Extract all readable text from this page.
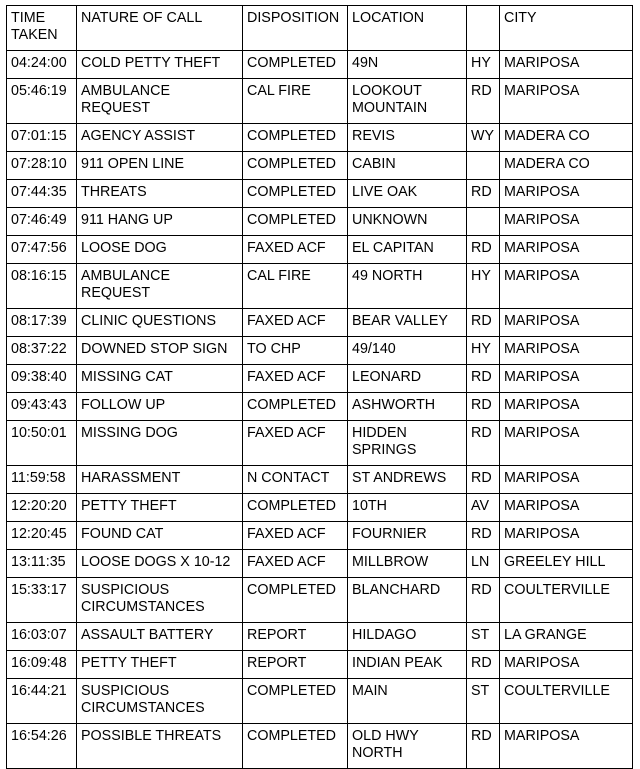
TIME TAKEN	NATURE OF CALL	DISPOSITION	LOCATION		CITY
04:24:00	COLD PETTY THEFT	COMPLETED	49N	HY	MARIPOSA
05:46:19	AMBULANCE REQUEST	CAL FIRE	LOOKOUT MOUNTAIN	RD	MARIPOSA
07:01:15	AGENCY ASSIST	COMPLETED	REVIS	WY	MADERA CO
07:28:10	911 OPEN LINE	COMPLETED	CABIN		MADERA CO
07:44:35	THREATS	COMPLETED	LIVE OAK	RD	MARIPOSA
07:46:49	911 HANG UP	COMPLETED	UNKNOWN		MARIPOSA
07:47:56	LOOSE DOG	FAXED ACF	EL CAPITAN	RD	MARIPOSA
08:16:15	AMBULANCE REQUEST	CAL FIRE	49 NORTH	HY	MARIPOSA
08:17:39	CLINIC QUESTIONS	FAXED ACF	BEAR VALLEY	RD	MARIPOSA
08:37:22	DOWNED STOP SIGN	TO CHP	49/140	HY	MARIPOSA
09:38:40	MISSING CAT	FAXED ACF	LEONARD	RD	MARIPOSA
09:43:43	FOLLOW UP	COMPLETED	ASHWORTH	RD	MARIPOSA
10:50:01	MISSING DOG	FAXED ACF	HIDDEN SPRINGS	RD	MARIPOSA
11:59:58	HARASSMENT	N CONTACT	ST ANDREWS	RD	MARIPOSA
12:20:20	PETTY THEFT	COMPLETED	10TH	AV	MARIPOSA
12:20:45	FOUND CAT	FAXED ACF	FOURNIER	RD	MARIPOSA
13:11:35	LOOSE DOGS X 10-12	FAXED ACF	MILLBROW	LN	GREELEY HILL
15:33:17	SUSPICIOUS CIRCUMSTANCES	COMPLETED	BLANCHARD	RD	COULTERVILLE
16:03:07	ASSAULT BATTERY	REPORT	HILDAGO	ST	LA GRANGE
16:09:48	PETTY THEFT	REPORT	INDIAN PEAK	RD	MARIPOSA
16:44:21	SUSPICIOUS CIRCUMSTANCES	COMPLETED	MAIN	ST	COULTERVILLE
16:54:26	POSSIBLE THREATS	COMPLETED	OLD HWY NORTH	RD	MARIPOSA
